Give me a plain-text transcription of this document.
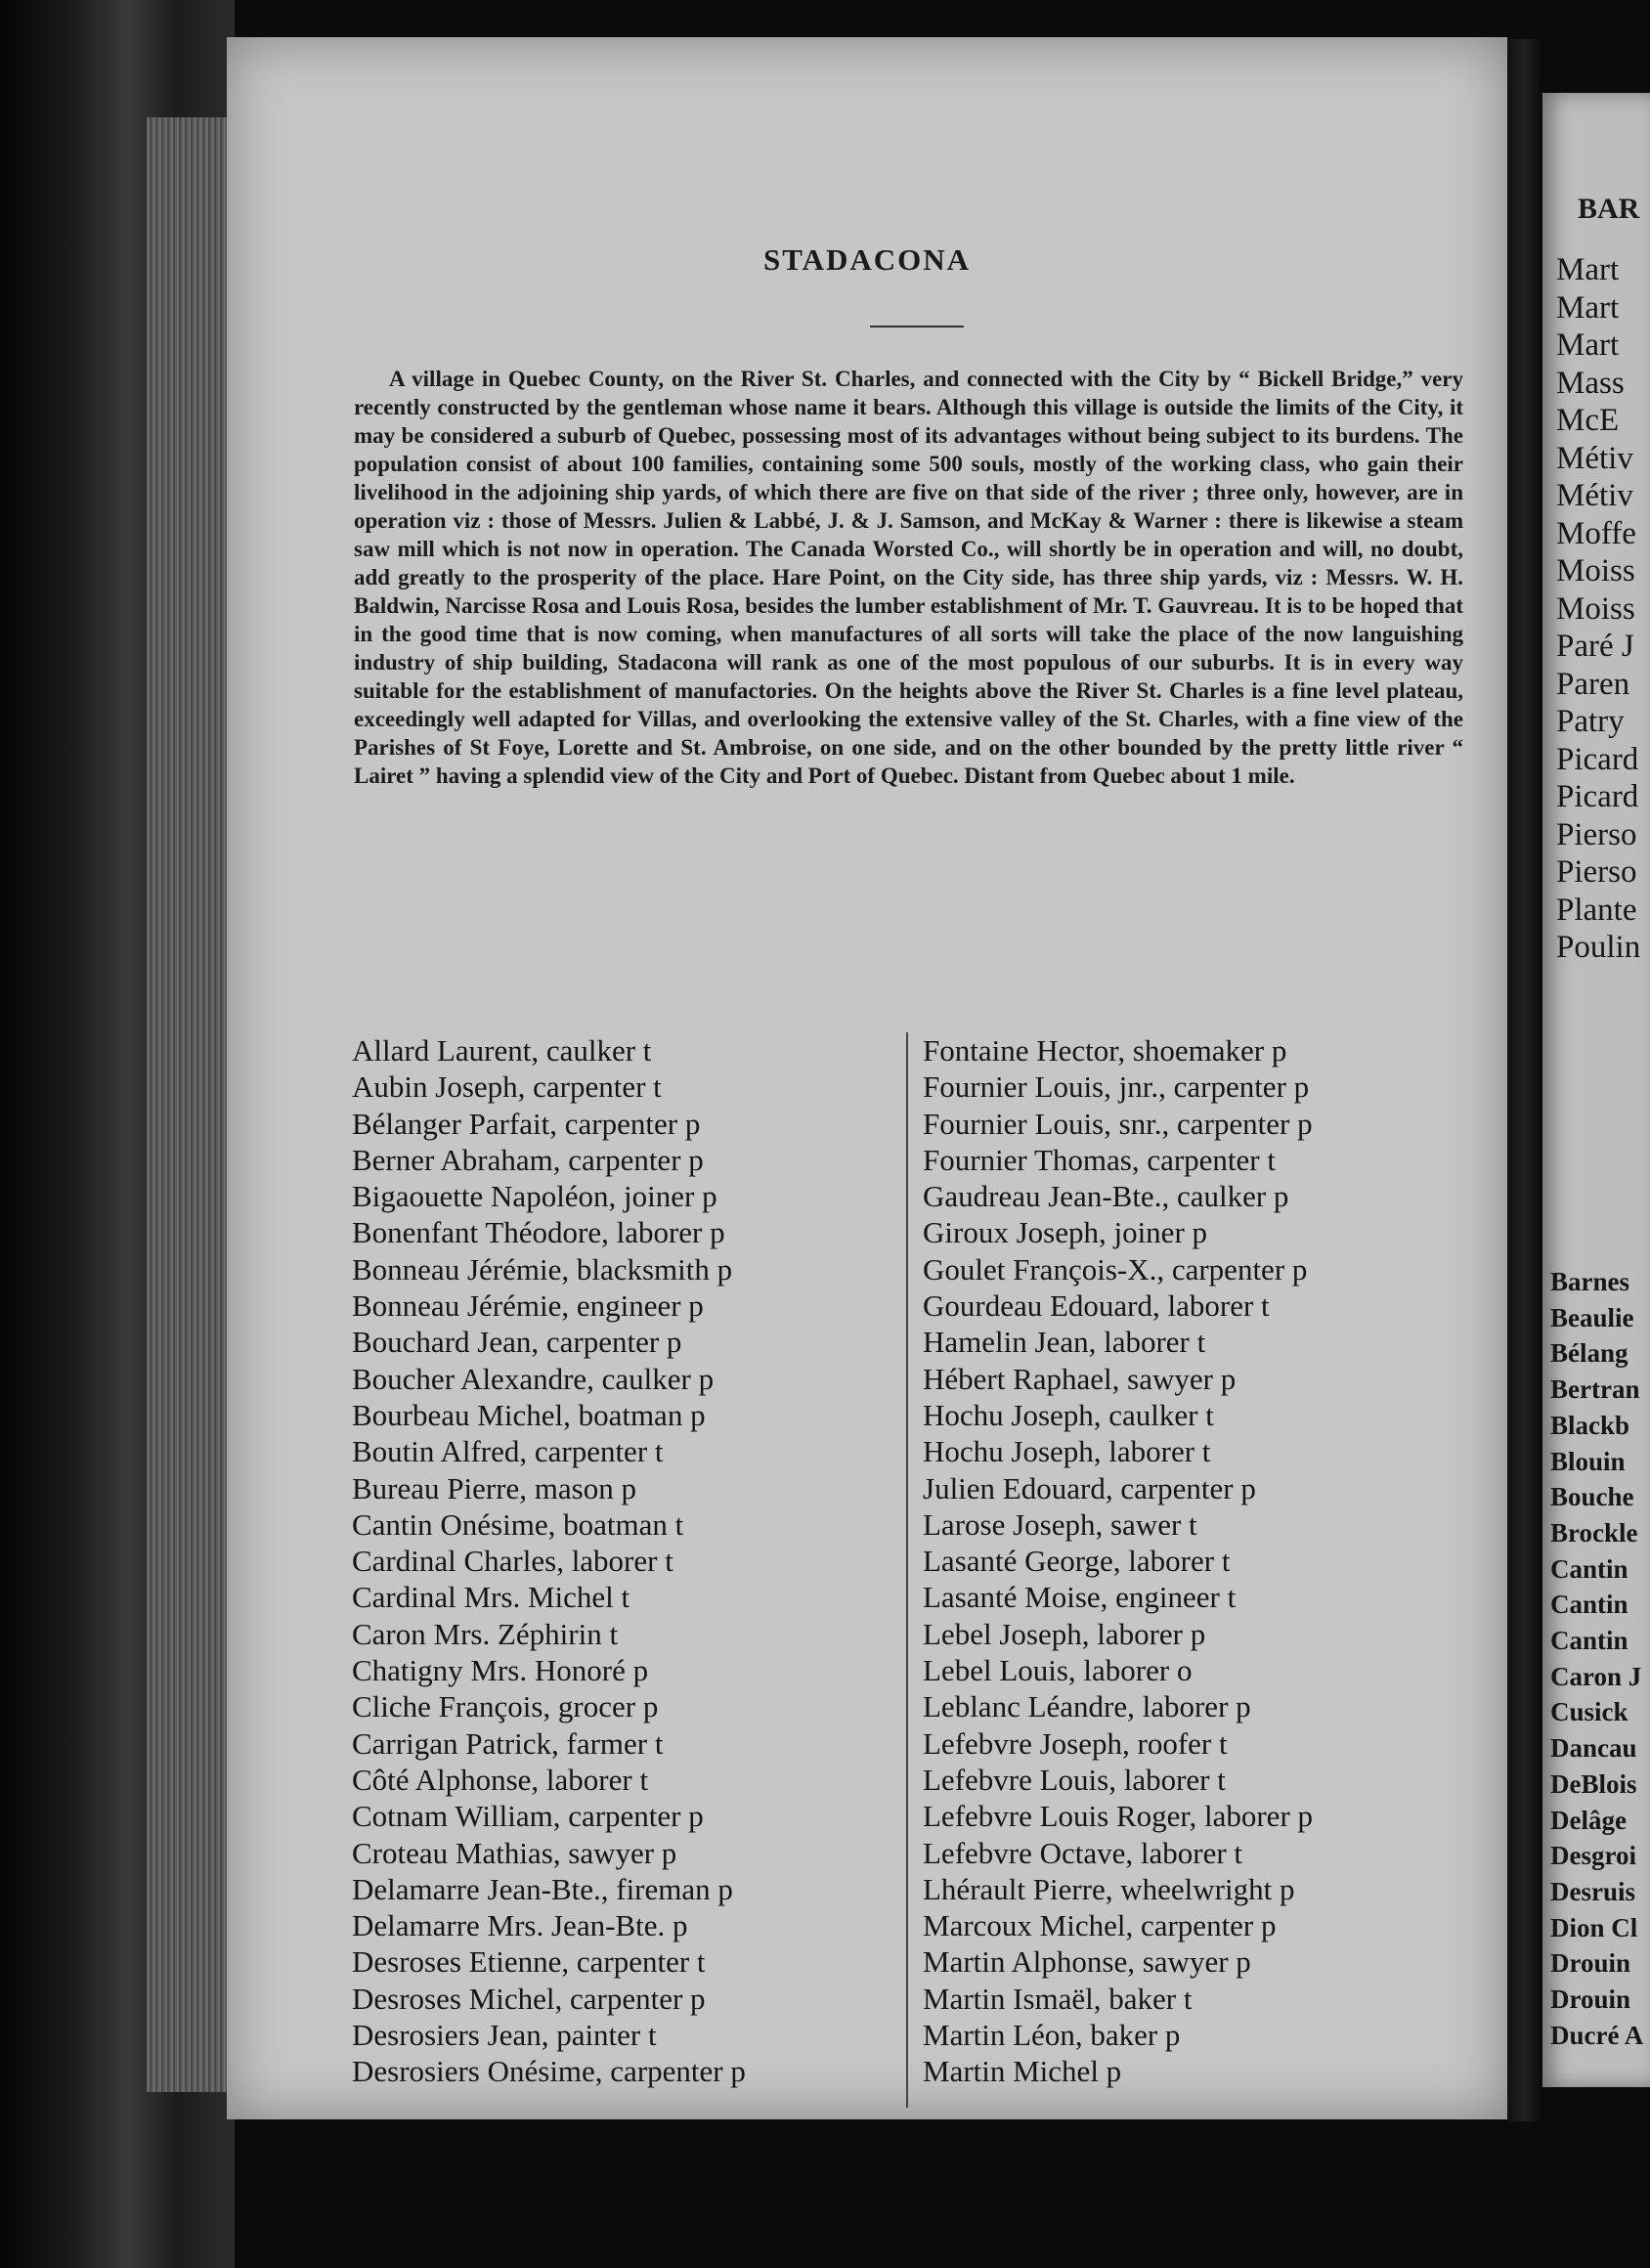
STADACONA
A village in Quebec County, on the River St. Charles, and connected with the City by “ Bickell Bridge,” very recently constructed by the gentleman whose name it bears. Although this village is outside the limits of the City, it may be considered a suburb of Quebec, possessing most of its advantages without being subject to its burdens. The population consist of about 100 families, containing some 500 souls, mostly of the working class, who gain their livelihood in the adjoining ship yards, of which there are five on that side of the river ; three only, however, are in operation viz : those of Messrs. Julien & Labbé, J. & J. Samson, and McKay & Warner : there is likewise a steam saw mill which is not now in operation. The Canada Worsted Co., will shortly be in operation and will, no doubt, add greatly to the prosperity of the place. Hare Point, on the City side, has three ship yards, viz : Messrs. W. H. Baldwin, Narcisse Rosa and Louis Rosa, besides the lumber establishment of Mr. T. Gauvreau. It is to be hoped that in the good time that is now coming, when manufactures of all sorts will take the place of the now languishing industry of ship building, Stadacona will rank as one of the most populous of our suburbs. It is in every way suitable for the establishment of manufactories. On the heights above the River St. Charles is a fine level plateau, exceedingly well adapted for Villas, and overlooking the extensive valley of the St. Charles, with a fine view of the Parishes of St Foye, Lorette and St. Ambroise, on one side, and on the other bounded by the pretty little river “ Lairet ” having a splendid view of the City and Port of Quebec. Distant from Quebec about 1 mile.
Allard Laurent, caulker t
Aubin Joseph, carpenter t
Bélanger Parfait, carpenter p
Berner Abraham, carpenter p
Bigaouette Napoléon, joiner p
Bonenfant Théodore, laborer p
Bonneau Jérémie, blacksmith p
Bonneau Jérémie, engineer p
Bouchard Jean, carpenter p
Boucher Alexandre, caulker p
Bourbeau Michel, boatman p
Boutin Alfred, carpenter t
Bureau Pierre, mason p
Cantin Onésime, boatman t
Cardinal Charles, laborer t
Cardinal Mrs. Michel t
Caron Mrs. Zéphirin t
Chatigny Mrs. Honoré p
Cliche François, grocer p
Carrigan Patrick, farmer t
Côté Alphonse, laborer t
Cotnam William, carpenter p
Croteau Mathias, sawyer p
Delamarre Jean-Bte., fireman p
Delamarre Mrs. Jean-Bte. p
Desroses Etienne, carpenter t
Desroses Michel, carpenter p
Desrosiers Jean, painter t
Desrosiers Onésime, carpenter p
Fontaine Hector, shoemaker p
Fournier Louis, jnr., carpenter p
Fournier Louis, snr., carpenter p
Fournier Thomas, carpenter t
Gaudreau Jean-Bte., caulker p
Giroux Joseph, joiner p
Goulet François-X., carpenter p
Gourdeau Edouard, laborer t
Hamelin Jean, laborer t
Hébert Raphael, sawyer p
Hochu Joseph, caulker t
Hochu Joseph, laborer t
Julien Edouard, carpenter p
Larose Joseph, sawer t
Lasanté George, laborer t
Lasanté Moise, engineer t
Lebel Joseph, laborer p
Lebel Louis, laborer o
Leblanc Léandre, laborer p
Lefebvre Joseph, roofer t
Lefebvre Louis, laborer t
Lefebvre Louis Roger, laborer p
Lefebvre Octave, laborer t
Lhérault Pierre, wheelwright p
Marcoux Michel, carpenter p
Martin Alphonse, sawyer p
Martin Ismaël, baker t
Martin Léon, baker p
Martin Michel p
BAR
Mart
Mart
Mart
Mass
McE
Métiv
Métiv
Moffe
Moiss
Moiss
Paré J
Paren
Patry
Picard
Picard
Pierso
Pierso
Plante
Poulin
Barnes
Beaulie
Bélang
Bertran
Blackb
Blouin
Bouche
Brockle
Cantin
Cantin
Cantin
Caron J
Cusick
Dancau
DeBlois
Delâge
Desgroi
Desruis
Dion Cl
Drouin
Drouin
Ducré A
